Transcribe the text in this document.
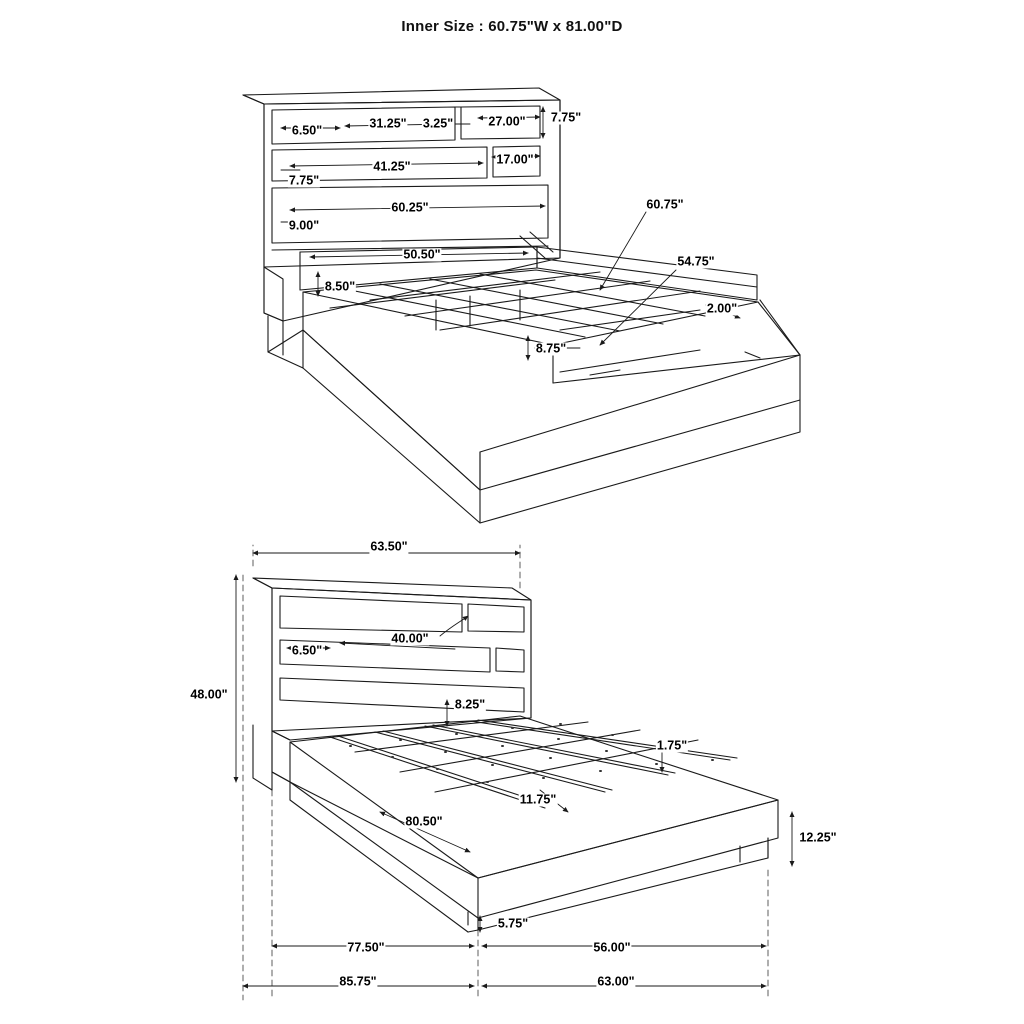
Inner Size : 60.75"W x 81.00"D
6.50"	31.25" 3.25"	27.00" 7.75"
17.00"
41.25"
7.75"
60.25"
9.00"
50.50"
8.50"
60.75"
54.75"
2.00"
8.75"
63.50"
6.50"
40.00"
48.00"
8.25"
1.75"
11.75"
80.50"
12.25"
5.75"
77.50"	56.00"
85.75"	63.00"
